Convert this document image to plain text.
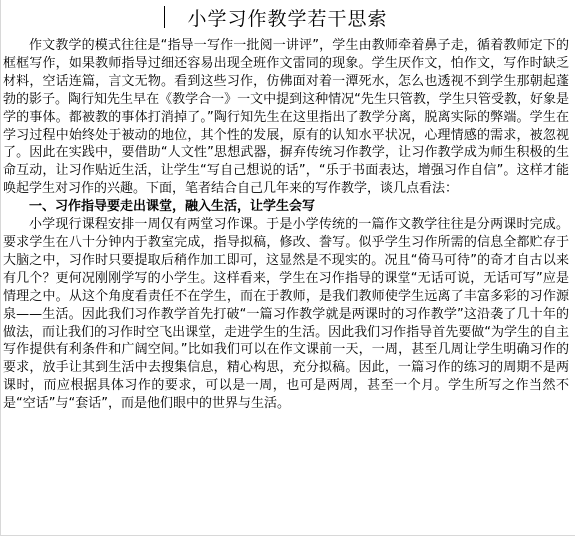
小学习作教学若干思索

作文教学的模式往往是“指导一写作一批阅一讲评”，学生由教师牵着鼻子走，循着教师定下的框框写作，如果教师指导过细还容易出现全班作文雷同的现象。学生厌作文，怕作文，写作时缺乏材料，空话连篇，言文无物。看到这些习作，仿佛面对着一潭死水，怎么也透视不到学生那朝起蓬勃的影子。陶行知先生早在《教学合一》一文中提到这种情况“先生只管教，学生只管受教，好象是学的事体。都被教的事体打消掉了。”陶行知先生在这里指出了教学分离，脱离实际的弊端。学生在学习过程中始终处于被动的地位，其个性的发展，原有的认知水平状况，心理情感的需求，被忽视了。因此在实践中，要借助“人文性”思想武器，摒弃传统习作教学，让习作教学成为师生积极的生命互动，让习作贴近生活，让学生“写自己想说的话”，“乐于书面表达，增强习作自信”。这样才能唤起学生对习作的兴趣。下面，笔者结合自己几年来的写作教学，谈几点看法：

一、习作指导要走出课堂，融入生活，让学生会写

小学现行课程安排一周仅有两堂习作课。于是小学传统的一篇作文教学往往是分两课时完成。要求学生在八十分钟内于教室完成，指导拟稿，修改、誊写。似乎学生习作所需的信息全都贮存于大脑之中，习作时只要提取后稍作加工即可，这显然是不现实的。况且“倚马可待”的奇才自古以来有几个？更何况刚刚学写的小学生。这样看来，学生在习作指导的课堂“无话可说，无话可写”应是情理之中。从这个角度看责任不在学生，而在于教师，是我们教师使学生远离了丰富多彩的习作源泉——生活。因此我们习作教学首先打破“一篇习作教学就是两课时的习作教学”这沿袭了几十年的做法，而让我们的习作时空飞出课堂，走进学生的生活。因此我们习作指导首先要做“为学生的自主写作提供有利条件和广阔空间。”比如我们可以在作文课前一天，一周，甚至几周让学生明确习作的要求，放手让其到生活中去搜集信息，精心构思，充分拟稿。因此，一篇习作的练习的周期不是两课时，而应根据具体习作的要求，可以是一周，也可是两周，甚至一个月。学生所写之作当然不是“空话”与“套话”，而是他们眼中的世界与生活。
